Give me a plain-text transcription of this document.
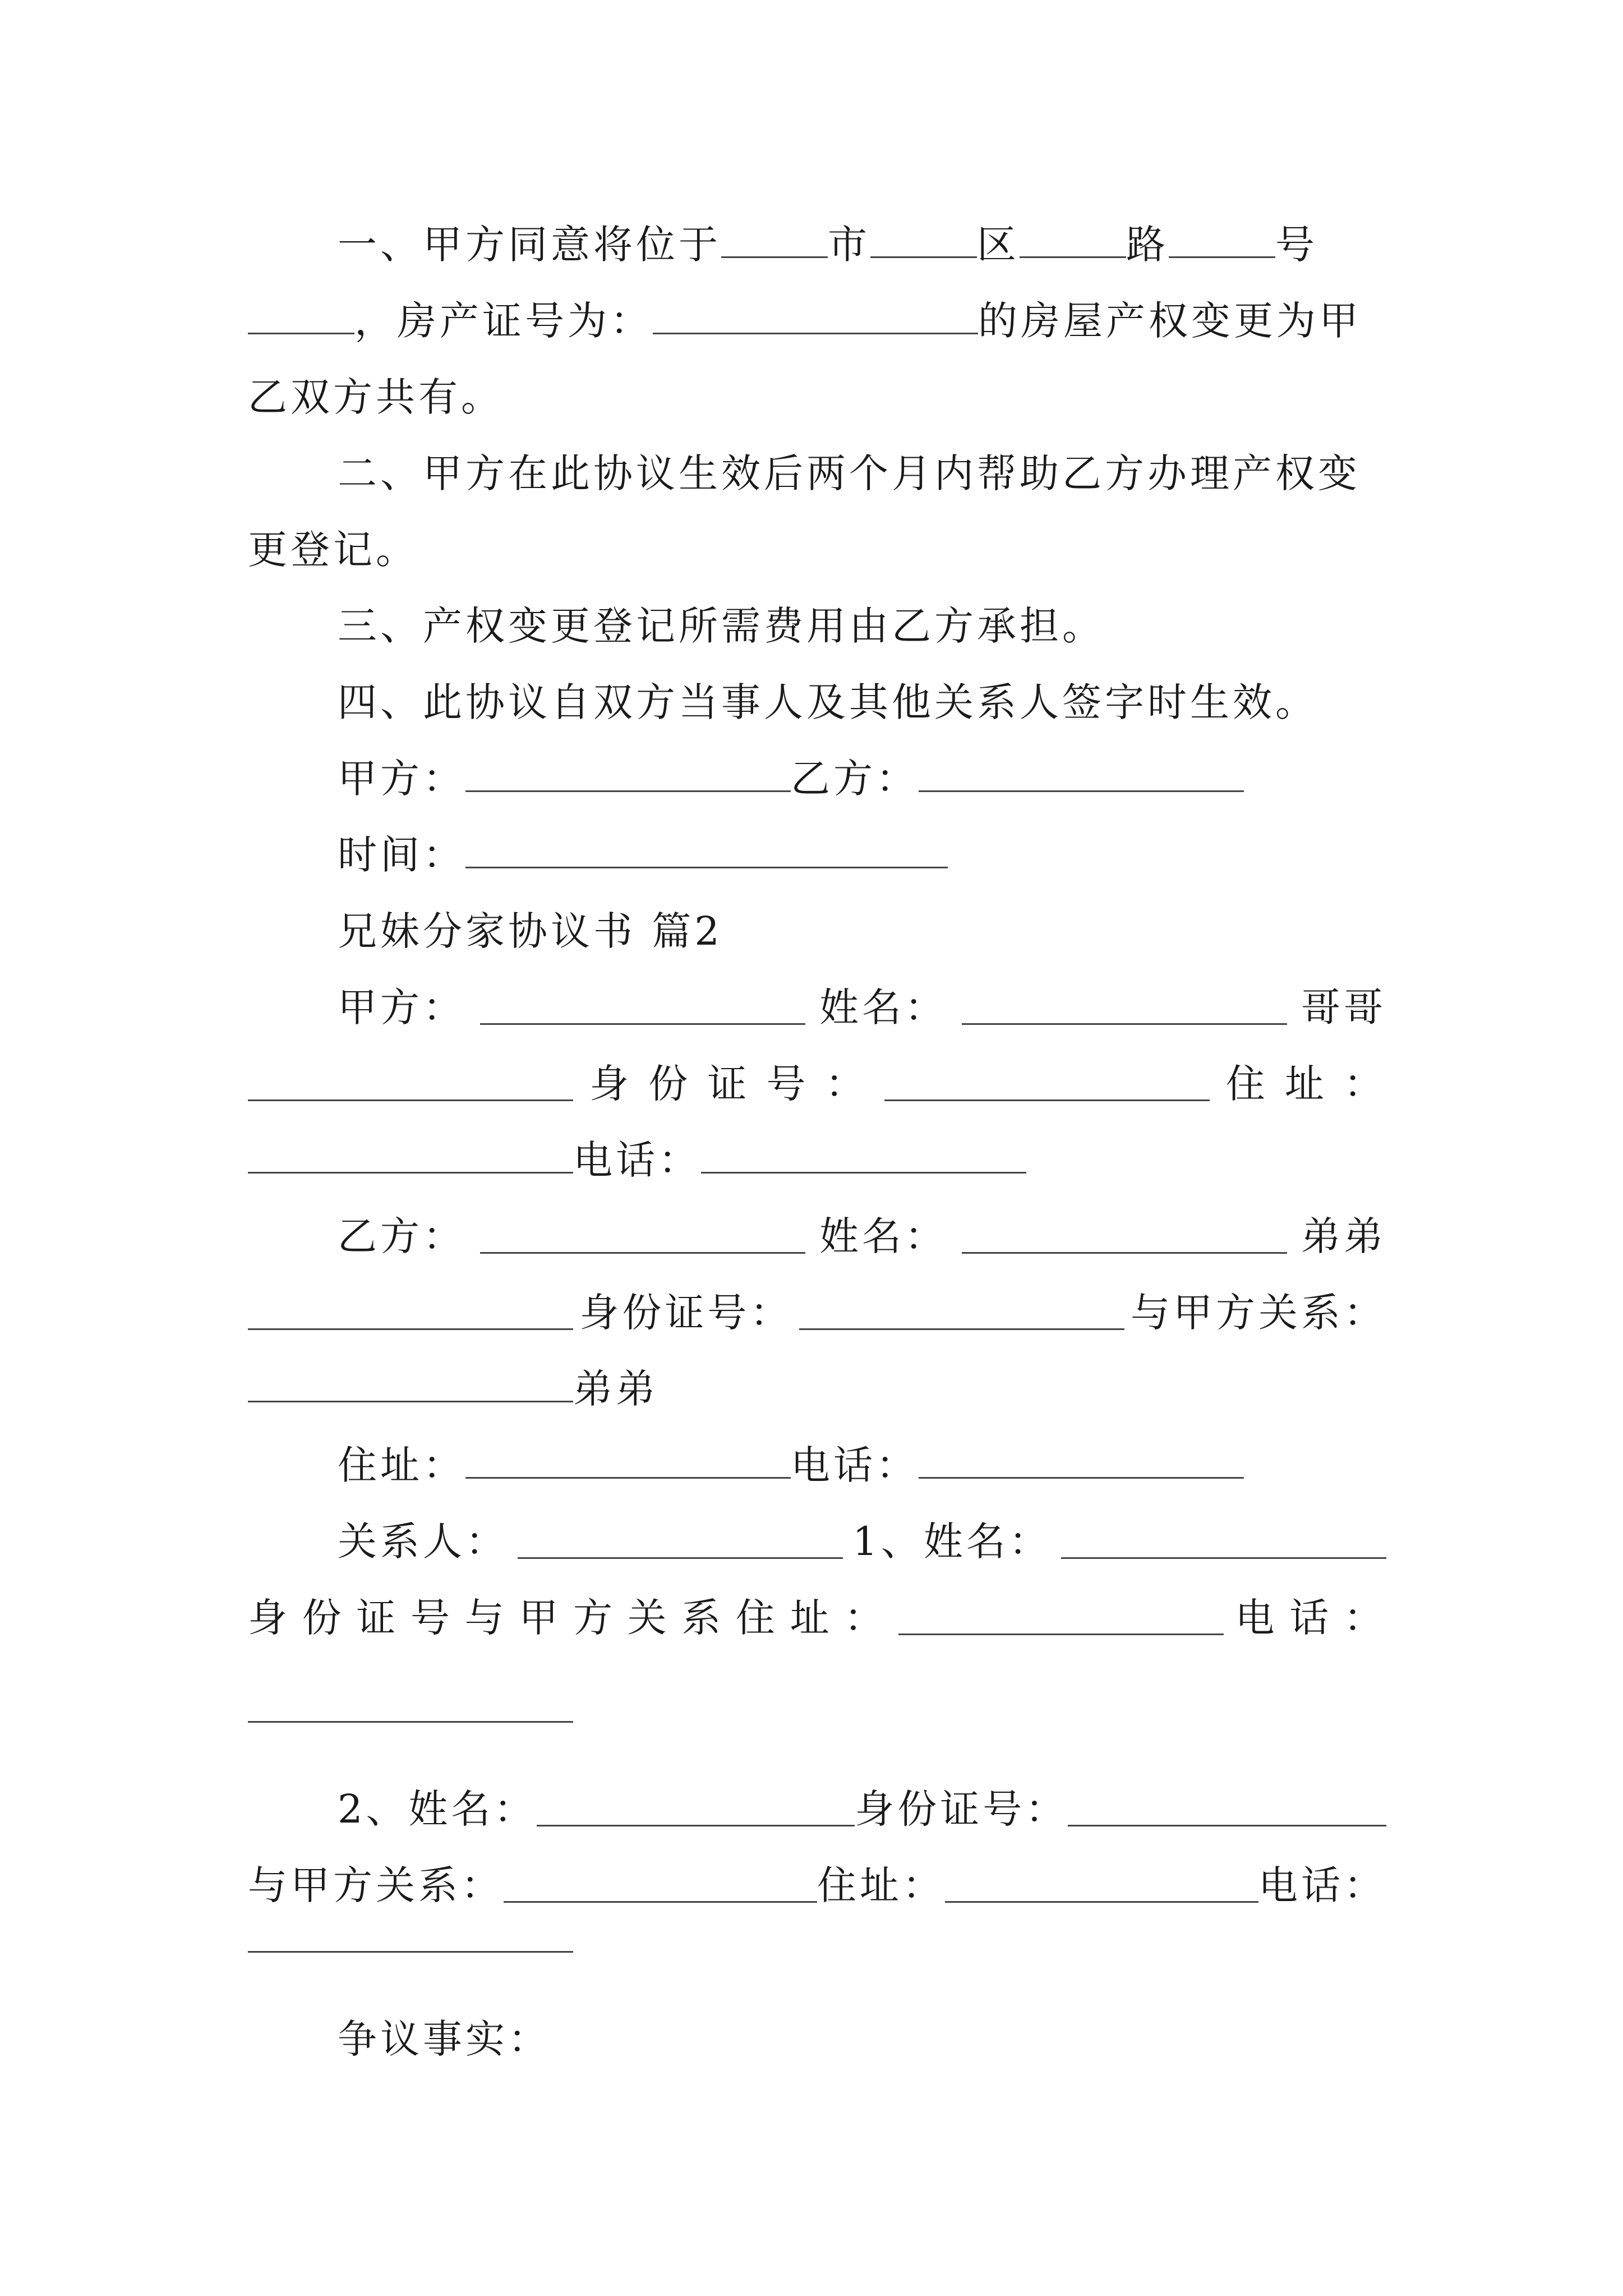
一、甲方同意将位于	市	区	路	号
，房产证号为：	的房屋产权变更为甲
乙双方共有。
二、甲方在此协议生效后两个月内帮助乙方办理产权变
更登记。
三、产权变更登记所需费用由乙方承担。
四、此协议自双方当事人及其他关系人签字时生效。
甲方：	乙方：
时间：
兄妹分家协议书 篇2
甲方：	姓名：	哥哥
身 份 证 号 ：	住 址 ：
电话：
乙方：	姓名：	弟弟
身份证号：	与甲方关系：
弟弟
住址：	电话：
关系人：	1、姓名：
身 份 证 号 与 甲 方 关 系 住 址 ：	电 话 ：
2、姓名：	身份证号：
与甲方关系：	住址：	电话：
争议事实：
